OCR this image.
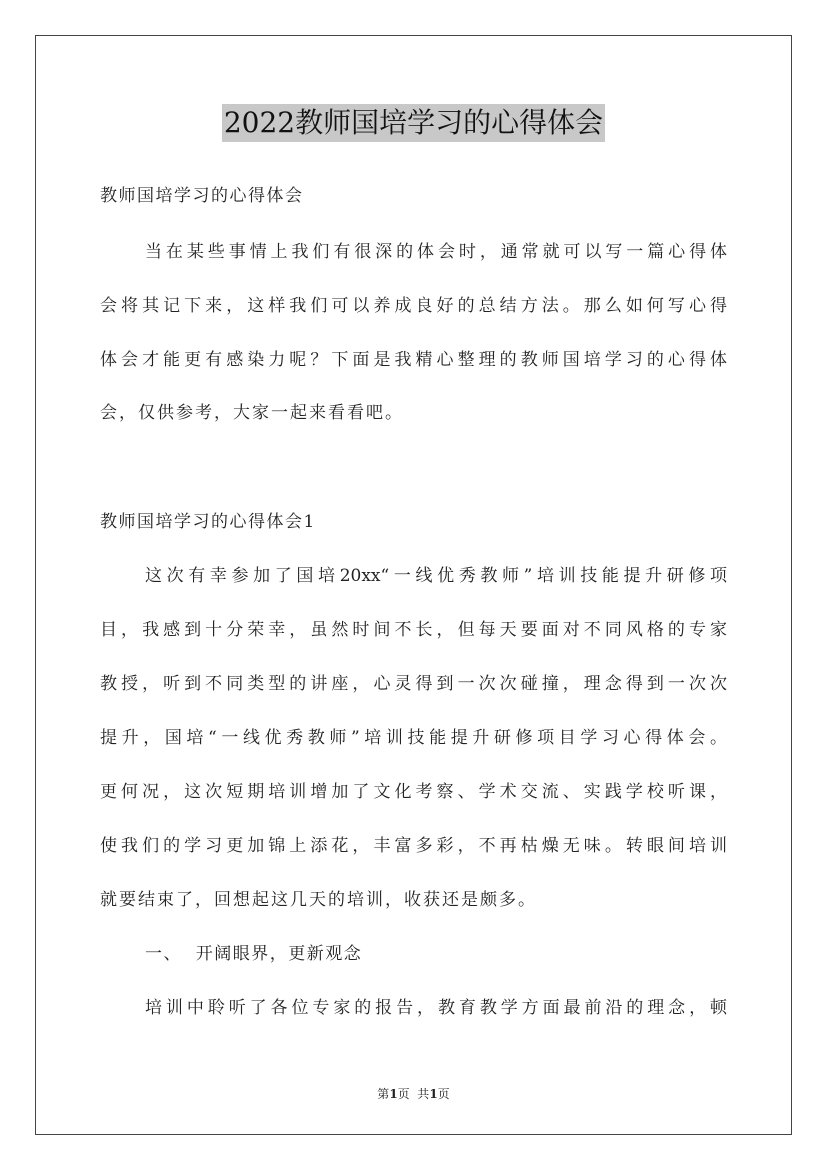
2022教师国培学习的心得体会
教师国培学习的心得体会
当在某些事情上我们有很深的体会时，通常就可以写一篇心得体
会将其记下来，这样我们可以养成良好的总结方法。那么如何写心得
体会才能更有感染力呢？下面是我精心整理的教师国培学习的心得体
会，仅供参考，大家一起来看看吧。
教师国培学习的心得体会1
这次有幸参加了国培20xx“一线优秀教师”培训技能提升研修项
目，我感到十分荣幸，虽然时间不长，但每天要面对不同风格的专家
教授，听到不同类型的讲座，心灵得到一次次碰撞，理念得到一次次
提升，国培“一线优秀教师”培训技能提升研修项目学习心得体会。
更何况，这次短期培训增加了文化考察、学术交流、实践学校听课，
使我们的学习更加锦上添花，丰富多彩，不再枯燥无味。转眼间培训
就要结束了，回想起这几天的培训，收获还是颇多。
一、  开阔眼界，更新观念
培训中聆听了各位专家的报告，教育教学方面最前沿的理念，顿
第1页  共1页
